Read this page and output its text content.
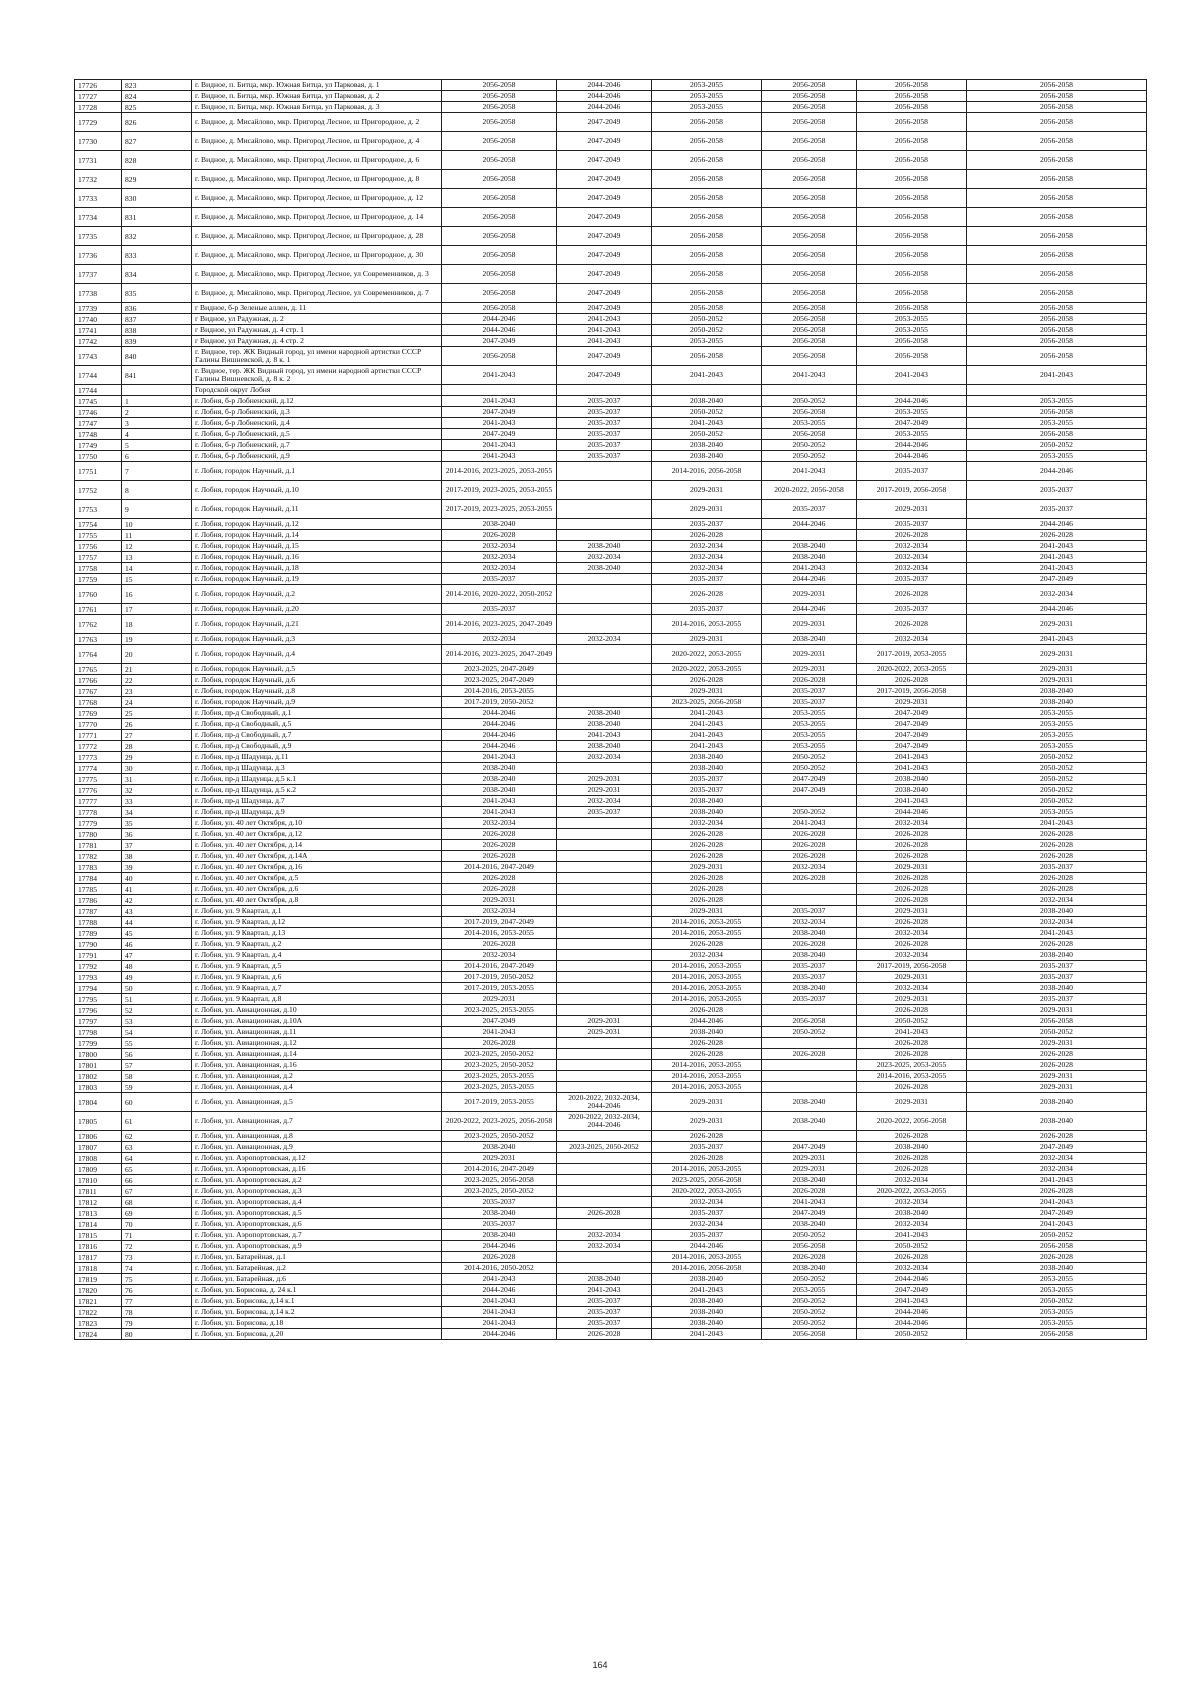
17726	823	г. Видное, п. Битца, мкр. Южная Битца, ул Парковая, д. 1	2056-2058	2044-2046	2053-2055	2056-2058	2056-2058	2056-2058
17727	824	г. Видное, п. Битца, мкр. Южная Битца, ул Парковая, д. 2	2056-2058	2044-2046	2053-2055	2056-2058	2056-2058	2056-2058
17728	825	г. Видное, п. Битца, мкр. Южная Битца, ул Парковая, д. 3	2056-2058	2044-2046	2053-2055	2056-2058	2056-2058	2056-2058
17729	826	г. Видное, д. Мисайлово, мкр. Пригород Лесное, ш Пригородное, д. 2	2056-2058	2047-2049	2056-2058	2056-2058	2056-2058	2056-2058
17730	827	г. Видное, д. Мисайлово, мкр. Пригород Лесное, ш Пригородное, д. 4	2056-2058	2047-2049	2056-2058	2056-2058	2056-2058	2056-2058
17731	828	г. Видное, д. Мисайлово, мкр. Пригород Лесное, ш Пригородное, д. 6	2056-2058	2047-2049	2056-2058	2056-2058	2056-2058	2056-2058
17732	829	г. Видное, д. Мисайлово, мкр. Пригород Лесное, ш Пригородное, д. 8	2056-2058	2047-2049	2056-2058	2056-2058	2056-2058	2056-2058
17733	830	г. Видное, д. Мисайлово, мкр. Пригород Лесное, ш Пригородное, д. 12	2056-2058	2047-2049	2056-2058	2056-2058	2056-2058	2056-2058
17734	831	г. Видное, д. Мисайлово, мкр. Пригород Лесное, ш Пригородное, д. 14	2056-2058	2047-2049	2056-2058	2056-2058	2056-2058	2056-2058
17735	832	г. Видное, д. Мисайлово, мкр. Пригород Лесное, ш Пригородное, д. 28	2056-2058	2047-2049	2056-2058	2056-2058	2056-2058	2056-2058
17736	833	г. Видное, д. Мисайлово, мкр. Пригород Лесное, ш Пригородное, д. 30	2056-2058	2047-2049	2056-2058	2056-2058	2056-2058	2056-2058
17737	834	г. Видное, д. Мисайлово, мкр. Пригород Лесное, ул Современников, д. 3	2056-2058	2047-2049	2056-2058	2056-2058	2056-2058	2056-2058
17738	835	г. Видное, д. Мисайлово, мкр. Пригород Лесное, ул Современников, д. 7	2056-2058	2047-2049	2056-2058	2056-2058	2056-2058	2056-2058
17739	836	г Видное, б-р Зеленые аллеи, д. 11	2056-2058	2047-2049	2056-2058	2056-2058	2056-2058	2056-2058
17740	837	г Видное, ул Радужная, д. 2	2044-2046	2041-2043	2050-2052	2056-2058	2053-2055	2056-2058
17741	838	г Видное, ул Радужная, д. 4 стр. 1	2044-2046	2041-2043	2050-2052	2056-2058	2053-2055	2056-2058
17742	839	г Видное, ул Радужная, д. 4 стр. 2	2047-2049	2041-2043	2053-2055	2056-2058	2056-2058	2056-2058
17743	840	г. Видное, тер. ЖК Видный город, ул имени народной артистки СССР Галины Вишневской, д. 8 к. 1	2056-2058	2047-2049	2056-2058	2056-2058	2056-2058	2056-2058
17744	841	г. Видное, тер. ЖК Видный город, ул имени народной артистки СССР Галины Вишневской, д. 8 к. 2	2041-2043	2047-2049	2041-2043	2041-2043	2041-2043	2041-2043
17744		Городской округ Лобня						
17745	1	г. Лобня, б-р Лобненский, д.12	2041-2043	2035-2037	2038-2040	2050-2052	2044-2046	2053-2055
17746	2	г. Лобня, б-р Лобненский, д.3	2047-2049	2035-2037	2050-2052	2056-2058	2053-2055	2056-2058
17747	3	г. Лобня, б-р Лобненский, д.4	2041-2043	2035-2037	2041-2043	2053-2055	2047-2049	2053-2055
17748	4	г. Лобня, б-р Лобненский, д.5	2047-2049	2035-2037	2050-2052	2056-2058	2053-2055	2056-2058
17749	5	г. Лобня, б-р Лобненский, д.7	2041-2043	2035-2037	2038-2040	2050-2052	2044-2046	2050-2052
17750	6	г. Лобня, б-р Лобненский, д.9	2041-2043	2035-2037	2038-2040	2050-2052	2044-2046	2053-2055
17751	7	г. Лобня, городок Научный, д.1	2014-2016, 2023-2025, 2053-2055		2014-2016, 2056-2058	2041-2043	2035-2037	2044-2046
17752	8	г. Лобня, городок Научный, д.10	2017-2019, 2023-2025, 2053-2055		2029-2031	2020-2022, 2056-2058	2017-2019, 2056-2058	2035-2037
17753	9	г. Лобня, городок Научный, д.11	2017-2019, 2023-2025, 2053-2055		2029-2031	2035-2037	2029-2031	2035-2037
17754	10	г. Лобня, городок Научный, д.12	2038-2040		2035-2037	2044-2046	2035-2037	2044-2046
17755	11	г. Лобня, городок Научный, д.14	2026-2028		2026-2028		2026-2028	2026-2028
17756	12	г. Лобня, городок Научный, д.15	2032-2034	2038-2040	2032-2034	2038-2040	2032-2034	2041-2043
17757	13	г. Лобня, городок Научный, д.16	2032-2034	2032-2034	2032-2034	2038-2040	2032-2034	2041-2043
17758	14	г. Лобня, городок Научный, д.18	2032-2034	2038-2040	2032-2034	2041-2043	2032-2034	2041-2043
17759	15	г. Лобня, городок Научный, д.19	2035-2037		2035-2037	2044-2046	2035-2037	2047-2049
17760	16	г. Лобня, городок Научный, д.2	2014-2016, 2020-2022, 2050-2052		2026-2028	2029-2031	2026-2028	2032-2034
17761	17	г. Лобня, городок Научный, д.20	2035-2037		2035-2037	2044-2046	2035-2037	2044-2046
17762	18	г. Лобня, городок Научный, д.21	2014-2016, 2023-2025, 2047-2049		2014-2016, 2053-2055	2029-2031	2026-2028	2029-2031
17763	19	г. Лобня, городок Научный, д.3	2032-2034	2032-2034	2029-2031	2038-2040	2032-2034	2041-2043
17764	20	г. Лобня, городок Научный, д.4	2014-2016, 2023-2025, 2047-2049		2020-2022, 2053-2055	2029-2031	2017-2019, 2053-2055	2029-2031
17765	21	г. Лобня, городок Научный, д.5	2023-2025, 2047-2049		2020-2022, 2053-2055	2029-2031	2020-2022, 2053-2055	2029-2031
17766	22	г. Лобня, городок Научный, д.6	2023-2025, 2047-2049		2026-2028	2026-2028	2026-2028	2029-2031
17767	23	г. Лобня, городок Научный, д.8	2014-2016, 2053-2055		2029-2031	2035-2037	2017-2019, 2056-2058	2038-2040
17768	24	г. Лобня, городок Научный, д.9	2017-2019, 2050-2052		2023-2025, 2056-2058	2035-2037	2029-2031	2038-2040
17769	25	г. Лобня, пр-д Свободный, д.1	2044-2046	2038-2040	2041-2043	2053-2055	2047-2049	2053-2055
17770	26	г. Лобня, пр-д Свободный, д.5	2044-2046	2038-2040	2041-2043	2053-2055	2047-2049	2053-2055
17771	27	г. Лобня, пр-д Свободный, д.7	2044-2046	2041-2043	2041-2043	2053-2055	2047-2049	2053-2055
17772	28	г. Лобня, пр-д Свободный, д.9	2044-2046	2038-2040	2041-2043	2053-2055	2047-2049	2053-2055
17773	29	г. Лобня, пр-д Шадунца, д.11	2041-2043	2032-2034	2038-2040	2050-2052	2041-2043	2050-2052
17774	30	г. Лобня, пр-д Шадунца, д.3	2038-2040		2038-2040	2050-2052	2041-2043	2050-2052
17775	31	г. Лобня, пр-д Шадунца, д.5 к.1	2038-2040	2029-2031	2035-2037	2047-2049	2038-2040	2050-2052
17776	32	г. Лобня, пр-д Шадунца, д.5 к.2	2038-2040	2029-2031	2035-2037	2047-2049	2038-2040	2050-2052
17777	33	г. Лобня, пр-д Шадунца, д.7	2041-2043	2032-2034	2038-2040		2041-2043	2050-2052
17778	34	г. Лобня, пр-д Шадунца, д.9	2041-2043	2035-2037	2038-2040	2050-2052	2044-2046	2053-2055
17779	35	г. Лобня, ул. 40 лет Октября, д.10	2032-2034		2032-2034	2041-2043	2032-2034	2041-2043
17780	36	г. Лобня, ул. 40 лет Октября, д.12	2026-2028		2026-2028	2026-2028	2026-2028	2026-2028
17781	37	г. Лобня, ул. 40 лет Октября, д.14	2026-2028		2026-2028	2026-2028	2026-2028	2026-2028
17782	38	г. Лобня, ул. 40 лет Октября, д.14А	2026-2028		2026-2028	2026-2028	2026-2028	2026-2028
17783	39	г. Лобня, ул. 40 лет Октября, д.16	2014-2016, 2047-2049		2029-2031	2032-2034	2029-2031	2035-2037
17784	40	г. Лобня, ул. 40 лет Октября, д.5	2026-2028		2026-2028	2026-2028	2026-2028	2026-2028
17785	41	г. Лобня, ул. 40 лет Октября, д.6	2026-2028		2026-2028		2026-2028	2026-2028
17786	42	г. Лобня, ул. 40 лет Октября, д.8	2029-2031		2026-2028		2026-2028	2032-2034
17787	43	г. Лобня, ул. 9 Квартал, д.1	2032-2034		2029-2031	2035-2037	2029-2031	2038-2040
17788	44	г. Лобня, ул. 9 Квартал, д.12	2017-2019, 2047-2049		2014-2016, 2053-2055	2032-2034	2026-2028	2032-2034
17789	45	г. Лобня, ул. 9 Квартал, д.13	2014-2016, 2053-2055		2014-2016, 2053-2055	2038-2040	2032-2034	2041-2043
17790	46	г. Лобня, ул. 9 Квартал, д.2	2026-2028		2026-2028	2026-2028	2026-2028	2026-2028
17791	47	г. Лобня, ул. 9 Квартал, д.4	2032-2034		2032-2034	2038-2040	2032-2034	2038-2040
17792	48	г. Лобня, ул. 9 Квартал, д.5	2014-2016, 2047-2049		2014-2016, 2053-2055	2035-2037	2017-2019, 2056-2058	2035-2037
17793	49	г. Лобня, ул. 9 Квартал, д.6	2017-2019, 2050-2052		2014-2016, 2053-2055	2035-2037	2029-2031	2035-2037
17794	50	г. Лобня, ул. 9 Квартал, д.7	2017-2019, 2053-2055		2014-2016, 2053-2055	2038-2040	2032-2034	2038-2040
17795	51	г. Лобня, ул. 9 Квартал, д.8	2029-2031		2014-2016, 2053-2055	2035-2037	2029-2031	2035-2037
17796	52	г. Лобня, ул. Авиационная, д.10	2023-2025, 2053-2055		2026-2028		2026-2028	2029-2031
17797	53	г. Лобня, ул. Авиационная, д.10А	2047-2049	2029-2031	2044-2046	2056-2058	2050-2052	2056-2058
17798	54	г. Лобня, ул. Авиационная, д.11	2041-2043	2029-2031	2038-2040	2050-2052	2041-2043	2050-2052
17799	55	г. Лобня, ул. Авиационная, д.12	2026-2028		2026-2028		2026-2028	2029-2031
17800	56	г. Лобня, ул. Авиационная, д.14	2023-2025, 2050-2052		2026-2028	2026-2028	2026-2028	2026-2028
17801	57	г. Лобня, ул. Авиационная, д.16	2023-2025, 2050-2052		2014-2016, 2053-2055		2023-2025, 2053-2055	2026-2028
17802	58	г. Лобня, ул. Авиационная, д.2	2023-2025, 2053-2055		2014-2016, 2053-2055		2014-2016, 2053-2055	2029-2031
17803	59	г. Лобня, ул. Авиационная, д.4	2023-2025, 2053-2055		2014-2016, 2053-2055		2026-2028	2029-2031
17804	60	г. Лобня, ул. Авиационная, д.5	2017-2019, 2053-2055	2020-2022, 2032-2034, 2044-2046	2029-2031	2038-2040	2029-2031	2038-2040
17805	61	г. Лобня, ул. Авиационная, д.7	2020-2022, 2023-2025, 2056-2058	2020-2022, 2032-2034, 2044-2046	2029-2031	2038-2040	2020-2022, 2056-2058	2038-2040
17806	62	г. Лобня, ул. Авиационная, д.8	2023-2025, 2050-2052		2026-2028		2026-2028	2026-2028
17807	63	г. Лобня, ул. Авиационная, д.9	2038-2040	2023-2025, 2050-2052	2035-2037	2047-2049	2038-2040	2047-2049
17808	64	г. Лобня, ул. Аэропортовская, д.12	2029-2031		2026-2028	2029-2031	2026-2028	2032-2034
17809	65	г. Лобня, ул. Аэропортовская, д.16	2014-2016, 2047-2049		2014-2016, 2053-2055	2029-2031	2026-2028	2032-2034
17810	66	г. Лобня, ул. Аэропортовская, д.2	2023-2025, 2056-2058		2023-2025, 2056-2058	2038-2040	2032-2034	2041-2043
17811	67	г. Лобня, ул. Аэропортовская, д.3	2023-2025, 2050-2052		2020-2022, 2053-2055	2026-2028	2020-2022, 2053-2055	2026-2028
17812	68	г. Лобня, ул. Аэропортовская, д.4	2035-2037		2032-2034	2041-2043	2032-2034	2041-2043
17813	69	г. Лобня, ул. Аэропортовская, д.5	2038-2040	2026-2028	2035-2037	2047-2049	2038-2040	2047-2049
17814	70	г. Лобня, ул. Аэропортовская, д.6	2035-2037		2032-2034	2038-2040	2032-2034	2041-2043
17815	71	г. Лобня, ул. Аэропортовская, д.7	2038-2040	2032-2034	2035-2037	2050-2052	2041-2043	2050-2052
17816	72	г. Лобня, ул. Аэропортовская, д.9	2044-2046	2032-2034	2044-2046	2056-2058	2050-2052	2056-2058
17817	73	г. Лобня, ул. Батарейная, д.1	2026-2028		2014-2016, 2053-2055	2026-2028	2026-2028	2026-2028
17818	74	г. Лобня, ул. Батарейная, д.2	2014-2016, 2050-2052		2014-2016, 2056-2058	2038-2040	2032-2034	2038-2040
17819	75	г. Лобня, ул. Батарейная, д.6	2041-2043	2038-2040	2038-2040	2050-2052	2044-2046	2053-2055
17820	76	г. Лобня, ул. Борисова, д. 24 к.1	2044-2046	2041-2043	2041-2043	2053-2055	2047-2049	2053-2055
17821	77	г. Лобня, ул. Борисова, д.14 к.1	2041-2043	2035-2037	2038-2040	2050-2052	2041-2043	2050-2052
17822	78	г. Лобня, ул. Борисова, д.14 к.2	2041-2043	2035-2037	2038-2040	2050-2052	2044-2046	2053-2055
17823	79	г. Лобня, ул. Борисова, д.18	2041-2043	2035-2037	2038-2040	2050-2052	2044-2046	2053-2055
17824	80	г. Лобня, ул. Борисова, д.20	2044-2046	2026-2028	2041-2043	2056-2058	2050-2052	2056-2058
164
